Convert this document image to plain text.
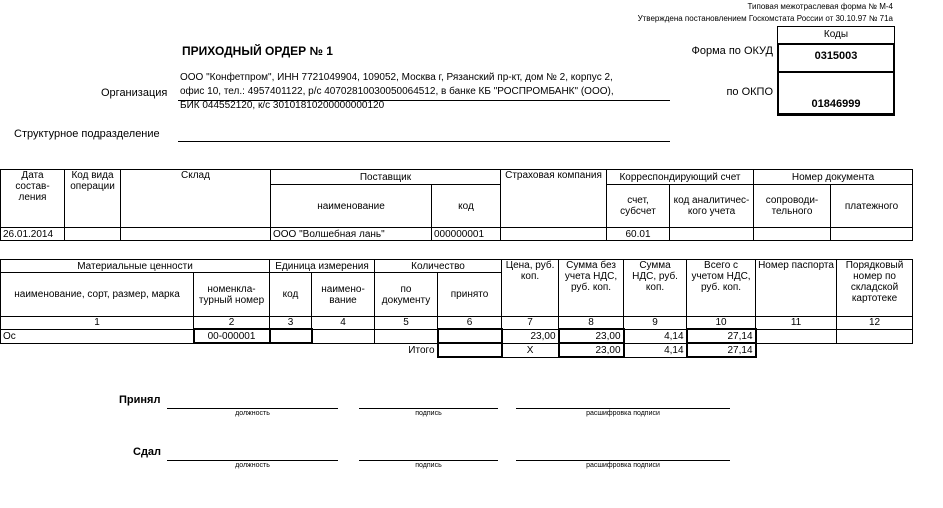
Типовая межотраслевая форма № М-4
Утверждена постановлением Госкомстата России от 30.10.97 № 71а
ПРИХОДНЫЙ ОРДЕР № 1
Коды
0315003
01846999
Форма по ОКУД
по ОКПО
Организация
ООО "Конфетпром", ИНН 7721049904, 109052, Москва г, Рязанский пр-кт, дом № 2, корпус 2,
офис 10, тел.: 4957401122, р/с 40702810030050064512, в банке КБ "РОСПРОМБАНК" (ООО),
БИК 044552120, к/с 30101810200000000120
Структурное подразделение
Дата состав- ления	Код вида операции	Склад	Поставщик		Страховая компания	Корреспондирующий счет		Номер документа	
			наименование	код		счет, субсчет	код аналитичес- кого учета	сопроводи- тельного	платежного
26.01.2014			ООО "Волшебная лань"	000000001		60.01			
Материальные ценности		Единица измерения		Количество		Цена, руб. коп.	Сумма без учета НДС, руб. коп.	Сумма НДС, руб. коп.	Всего с учетом НДС, руб. коп.	Номер паспорта	Порядковый номер по складской картотеке
наименование, сорт, размер, марка	номенкла- турный номер	код	наимено- вание	по документу	принято						
1	2	3	4	5	6	7	8	9	10	11	12
Ос	00-000001					23,00	23,00	4,14	27,14		
				Итого		X	23,00	4,14	27,14		
Принял
должность	подпись	расшифровка подписи
Сдал
должность	подпись	расшифровка подписи
